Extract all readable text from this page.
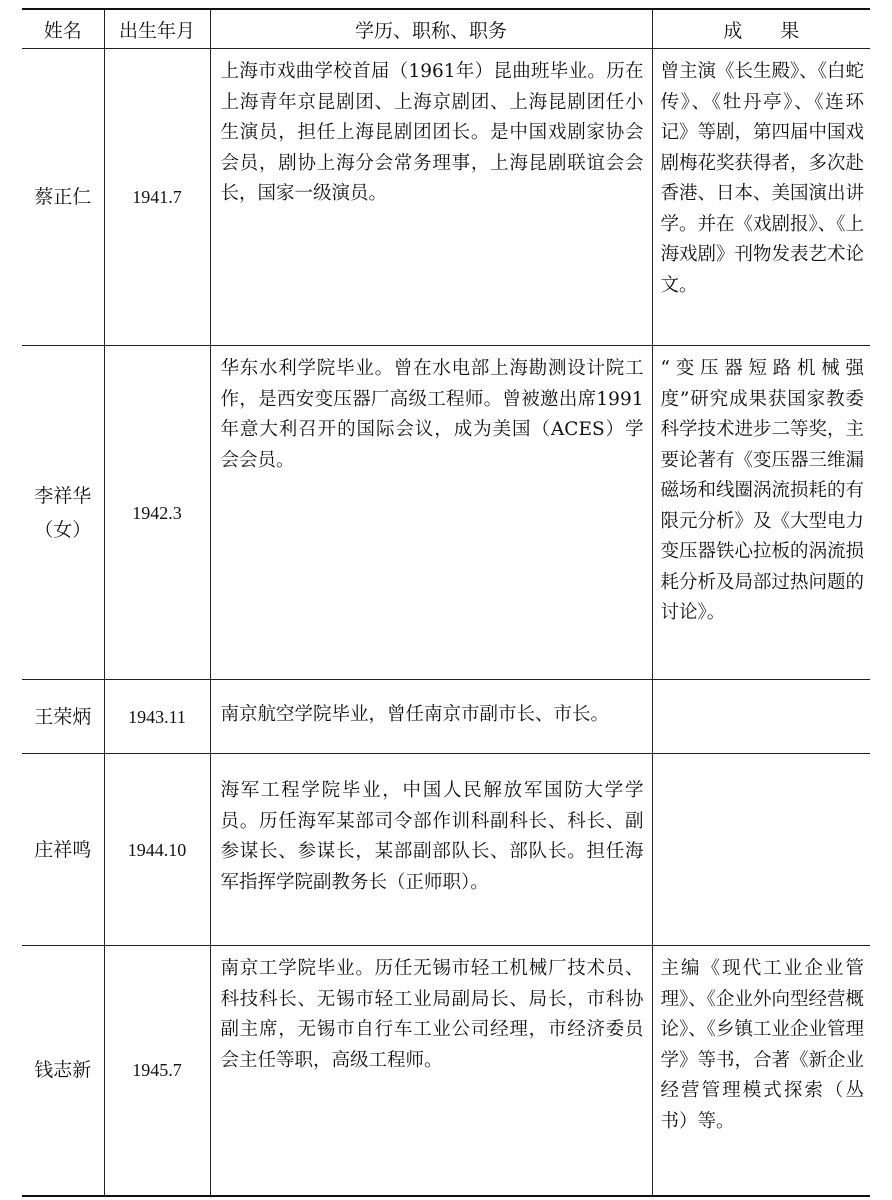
姓名	出生年月	学历、职称、职务	成　　果

蔡正仁	1941.7	上海市戏曲学校首届（1961年）昆曲班毕业。历在上海青年京昆剧团、上海京剧团、上海昆剧团任小生演员，担任上海昆剧团团长。是中国戏剧家协会会员，剧协上海分会常务理事，上海昆剧联谊会会长，国家一级演员。	曾主演《长生殿》、《白蛇传》、《牡丹亭》、《连环记》等剧，第四届中国戏剧梅花奖获得者，多次赴香港、日本、美国演出讲学。并在《戏剧报》、《上海戏剧》刊物发表艺术论文。

李祥华
（女）	1942.3	华东水利学院毕业。曾在水电部上海勘测设计院工作，是西安变压器厂高级工程师。曾被邀出席1991年意大利召开的国际会议，成为美国（ACES）学会会员。	“变压器短路机械强度”研究成果获国家教委科学技术进步二等奖，主要论著有《变压器三维漏磁场和线圈涡流损耗的有限元分析》及《大型电力变压器铁心拉板的涡流损耗分析及局部过热问题的讨论》。

王荣炳	1943.11	南京航空学院毕业，曾任南京市副市长、市长。	

庄祥鸣	1944.10	海军工程学院毕业，中国人民解放军国防大学学员。历任海军某部司令部作训科副科长、科长、副参谋长、参谋长，某部副部队长、部队长。担任海军指挥学院副教务长（正师职）。	

钱志新	1945.7	南京工学院毕业。历任无锡市轻工机械厂技术员、科技科长、无锡市轻工业局副局长、局长，市科协副主席，无锡市自行车工业公司经理，市经济委员会主任等职，高级工程师。	主编《现代工业企业管理》、《企业外向型经营概论》、《乡镇工业企业管理学》等书，合著《新企业经营管理模式探索（丛书）等。
